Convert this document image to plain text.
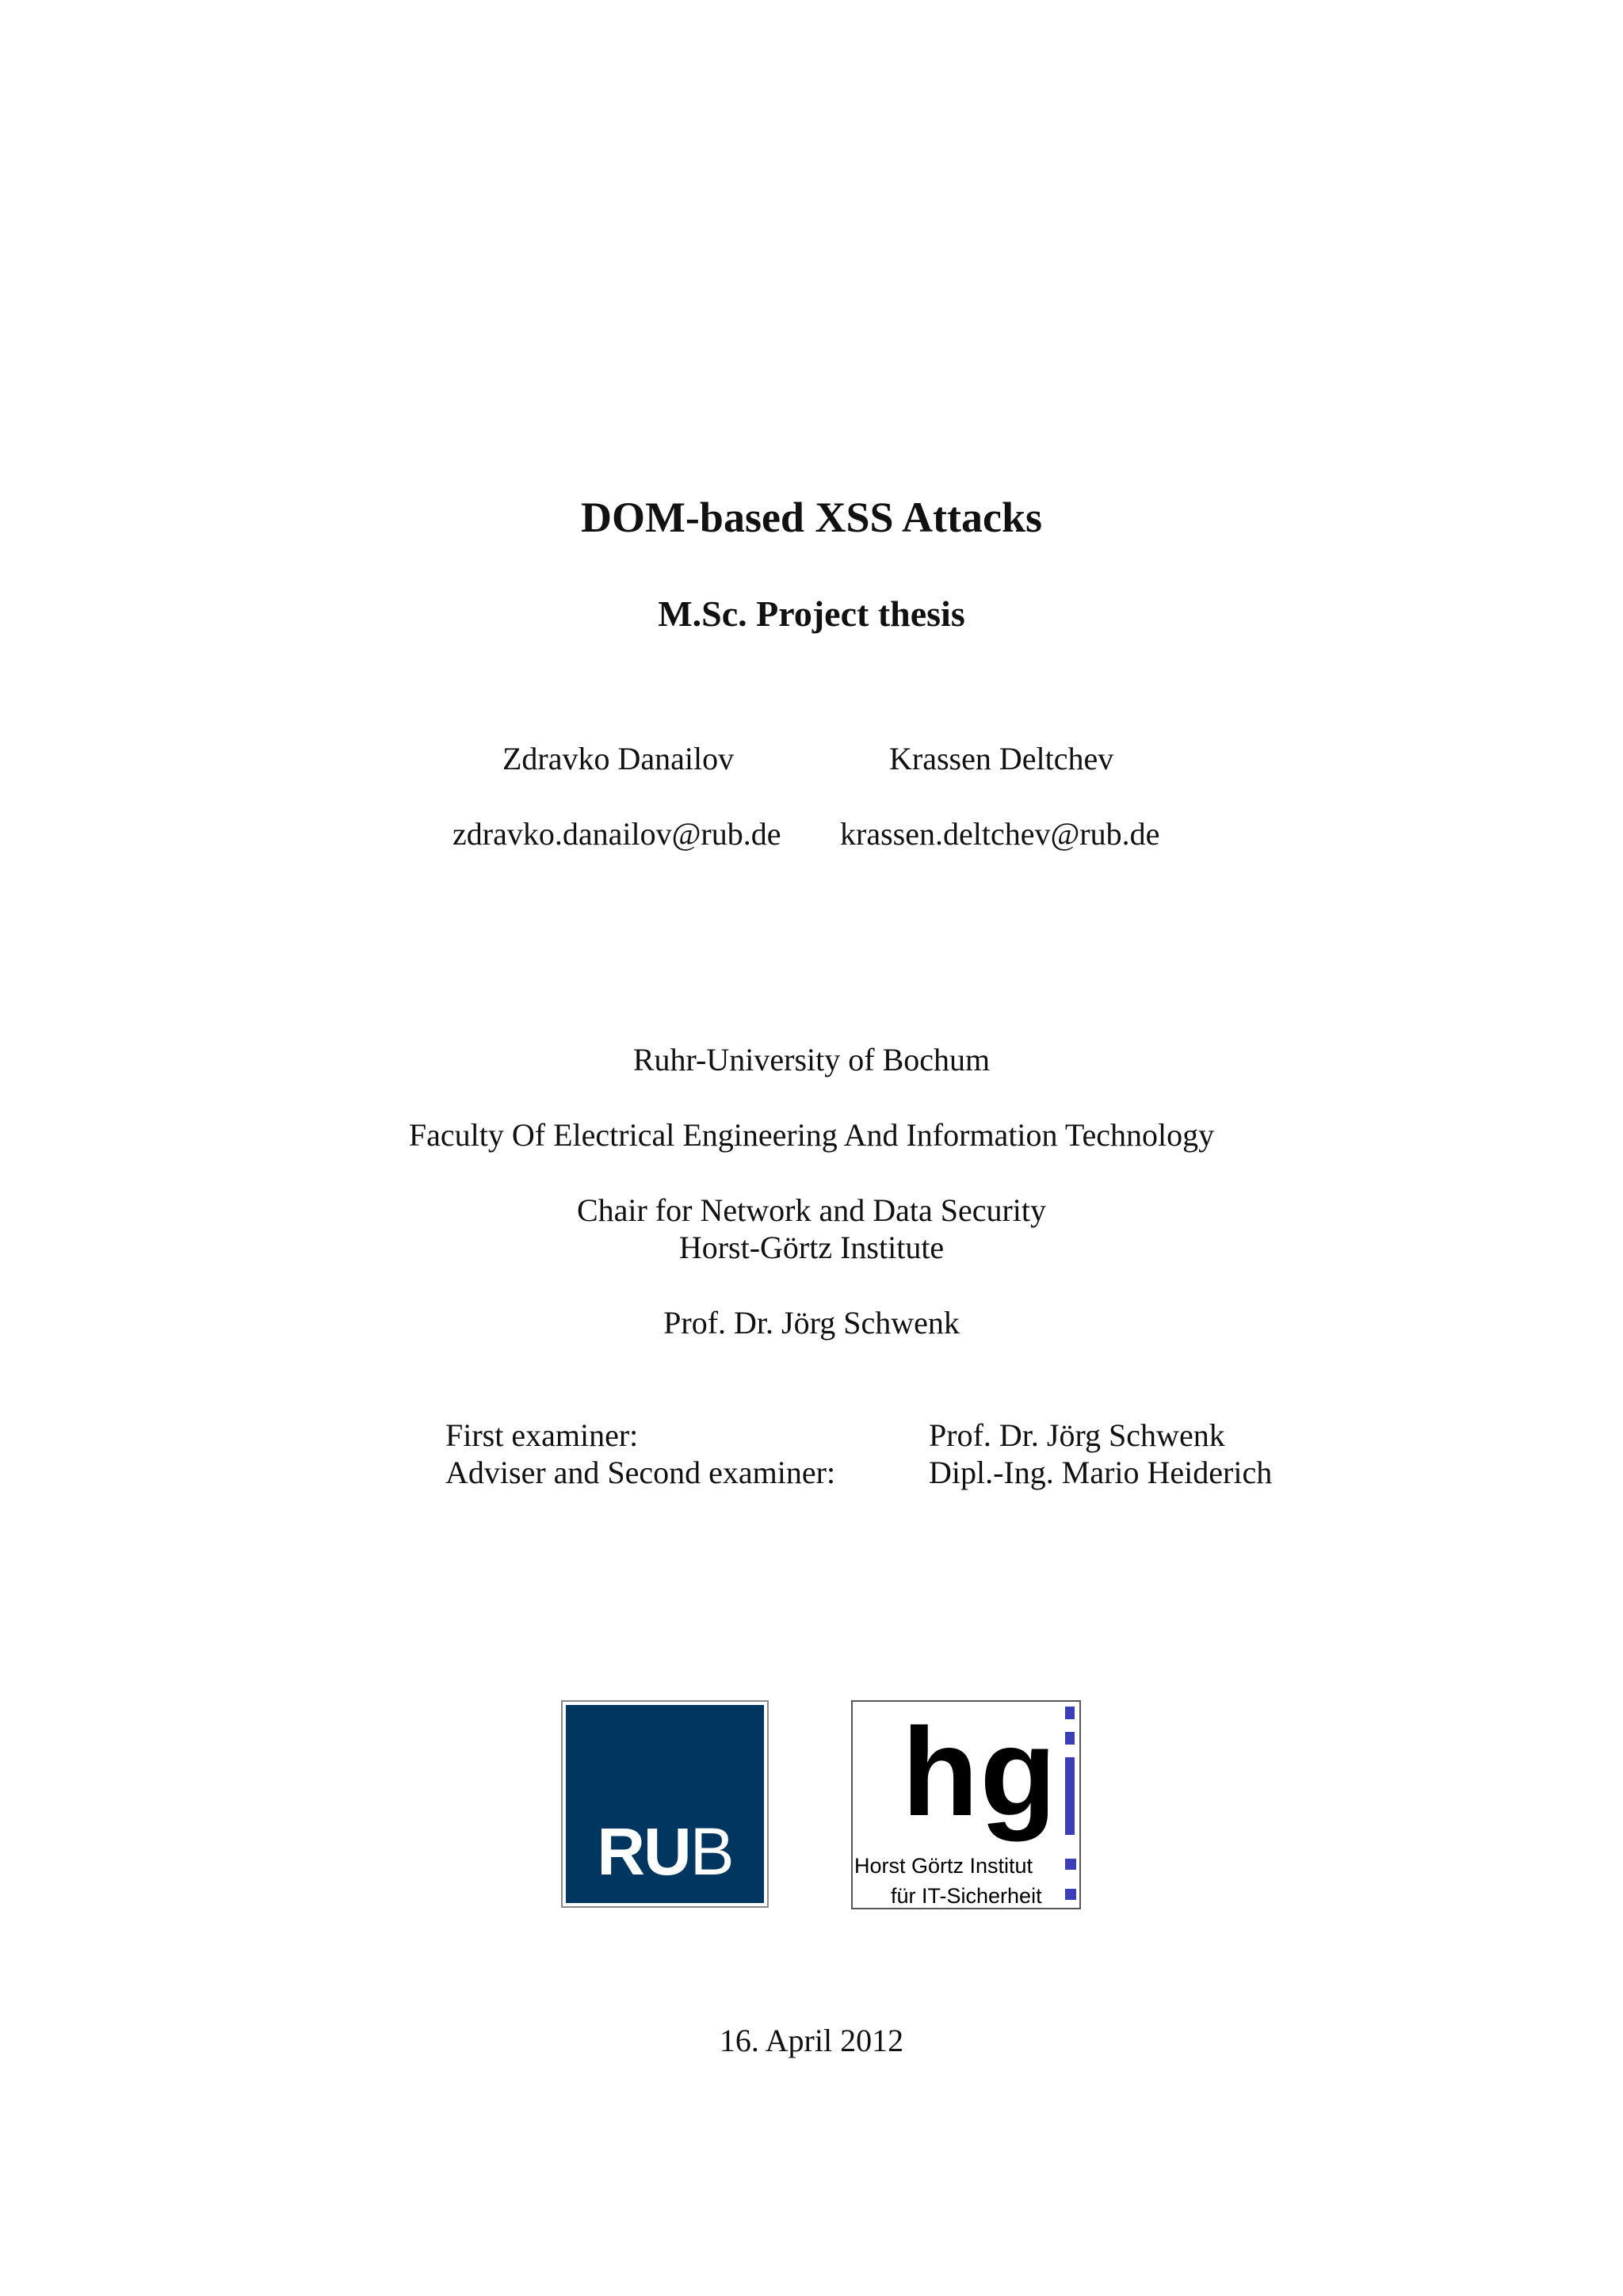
DOM-based XSS Attacks
M.Sc. Project thesis
Zdravko Danailov	Krassen Deltchev
zdravko.danailov@rub.de krassen.deltchev@rub.de
Ruhr-University of Bochum
Faculty Of Electrical Engineering And Information Technology
Chair for Network and Data Security
Horst-Görtz Institute
Prof. Dr. Jörg Schwenk
First examiner:
Adviser and Second examiner:
Prof. Dr. Jörg Schwenk
Dipl.-Ing. Mario Heiderich
RUB
hg
Horst Görtz Institut
für IT-Sicherheit
16. April 2012
